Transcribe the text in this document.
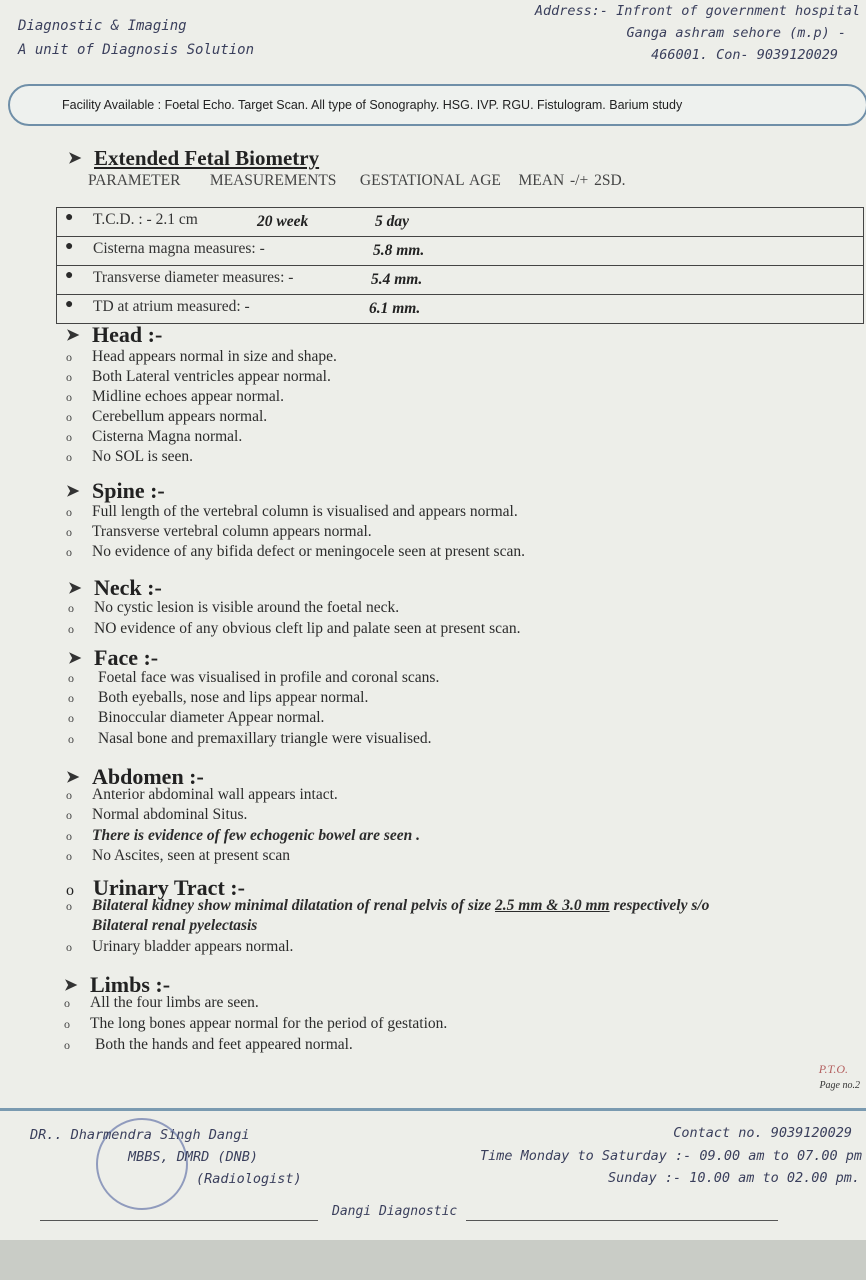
Diagnostic & Imaging
A unit of Diagnosis Solution
Address:- Infront of government hospital
Ganga ashram sehore (m.p) -
466001. Con- 9039120029
Facility Available : Foetal Echo. Target Scan. All type of Sonography. HSG. IVP. RGU. Fistulogram. Barium study
➤ Extended Fetal Biometry
PARAMETER     MEASUREMENTS    GESTATIONAL AGE   MEAN -/+ 2SD.
● T.C.D. : - 2.1 cm	20 week	5 day
● Cisterna magna measures: -	5.8 mm.
● Transverse diameter measures: -	5.4 mm.
● TD at atrium measured: -	6.1 mm.
➤ Head :-
o Head appears normal in size and shape.
o Both Lateral ventricles appear normal.
o Midline echoes appear normal.
o Cerebellum appears normal.
o Cisterna Magna normal.
o No SOL is seen.
➤ Spine :-
o Full length of the vertebral column is visualised and appears normal.
o Transverse vertebral column appears normal.
o No evidence of any bifida defect or meningocele seen at present scan.
➤ Neck :-
o No cystic lesion is visible around the foetal neck.
o NO evidence of any obvious cleft lip and palate seen at present scan.
➤ Face :-
o Foetal face was visualised in profile and coronal scans.
o Both eyeballs, nose and lips appear normal.
o Binoccular diameter Appear normal.
o Nasal bone and premaxillary triangle were visualised.
➤ Abdomen :-
o Anterior abdominal wall appears intact.
o Normal abdominal Situs.
o There is evidence of few echogenic bowel are seen .
o No Ascites, seen at present scan
o Urinary Tract :-
o Bilateral kidney show minimal dilatation of renal pelvis of size 2.5 mm & 3.0 mm respectively s/o
Bilateral renal pyelectasis
o Urinary bladder appears normal.
➤ Limbs :-
o All the four limbs are seen.
o The long bones appear normal for the period of gestation.
o Both the hands and feet appeared normal.
P.T.O.
Page no.2
DR.. Dharmendra Singh Dangi
MBBS, DMRD (DNB)
(Radiologist)
Contact no. 9039120029
Time Monday to Saturday :- 09.00 am to 07.00 pm
Sunday :- 10.00 am to 02.00 pm.
Dangi Diagnostic
